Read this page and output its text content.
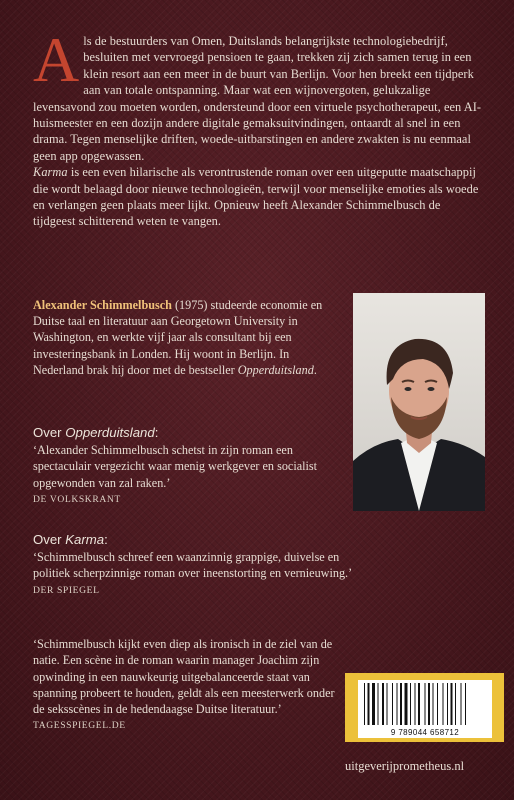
Als de bestuurders van Omen, Duitslands belangrijkste technologiebedrijf, besluiten met vervroegd pensioen te gaan, trekken zij zich samen terug in een klein resort aan een meer in de buurt van Berlijn. Voor hen breekt een tijdperk aan van totale ontspanning. Maar wat een wijnovergoten, gelukzalige levensavond zou moeten worden, ondersteund door een virtuele psychotherapeut, een AI-huismeester en een dozijn andere digitale gemaksuitvindingen, ontaardt al snel in een drama. Tegen menselijke driften, woede-uitbarstingen en andere zwakten is nu eenmaal geen app opgewassen.

Karma is een even hilarische als verontrustende roman over een uitgeputte maatschappij die wordt belaagd door nieuwe technologieën, terwijl voor menselijke emoties als woede en verlangen geen plaats meer lijkt. Opnieuw heeft Alexander Schimmelbusch de tijdgeest schitterend weten te vangen.

Alexander Schimmelbusch (1975) studeerde economie en Duitse taal en literatuur aan Georgetown University in Washington, en werkte vijf jaar als consultant bij een investeringsbank in Londen. Hij woont in Berlijn. In Nederland brak hij door met de bestseller Opperduitsland.

Over Opperduitsland:

‘Alexander Schimmelbusch schetst in zijn roman een spectaculair vergezicht waar menig werkgever en socialist opgewonden van zal raken.’

DE VOLKSKRANT

Over Karma:

‘Schimmelbusch schreef een waanzinnig grappige, duivelse en politiek scherpzinnige roman over ineenstorting en vernieuwing.’

DER SPIEGEL

‘Schimmelbusch kijkt even diep als ironisch in de ziel van de natie. Een scène in de roman waarin manager Joachim zijn opwinding in een nauwkeurig uitgebalanceerde staat van spanning probeert te houden, geldt als een meesterwerk onder de seksscènes in de hedendaagse Duitse literatuur.’

TAGESSPIEGEL.DE

9 789044 658712
uitgeverijprometheus.nl
